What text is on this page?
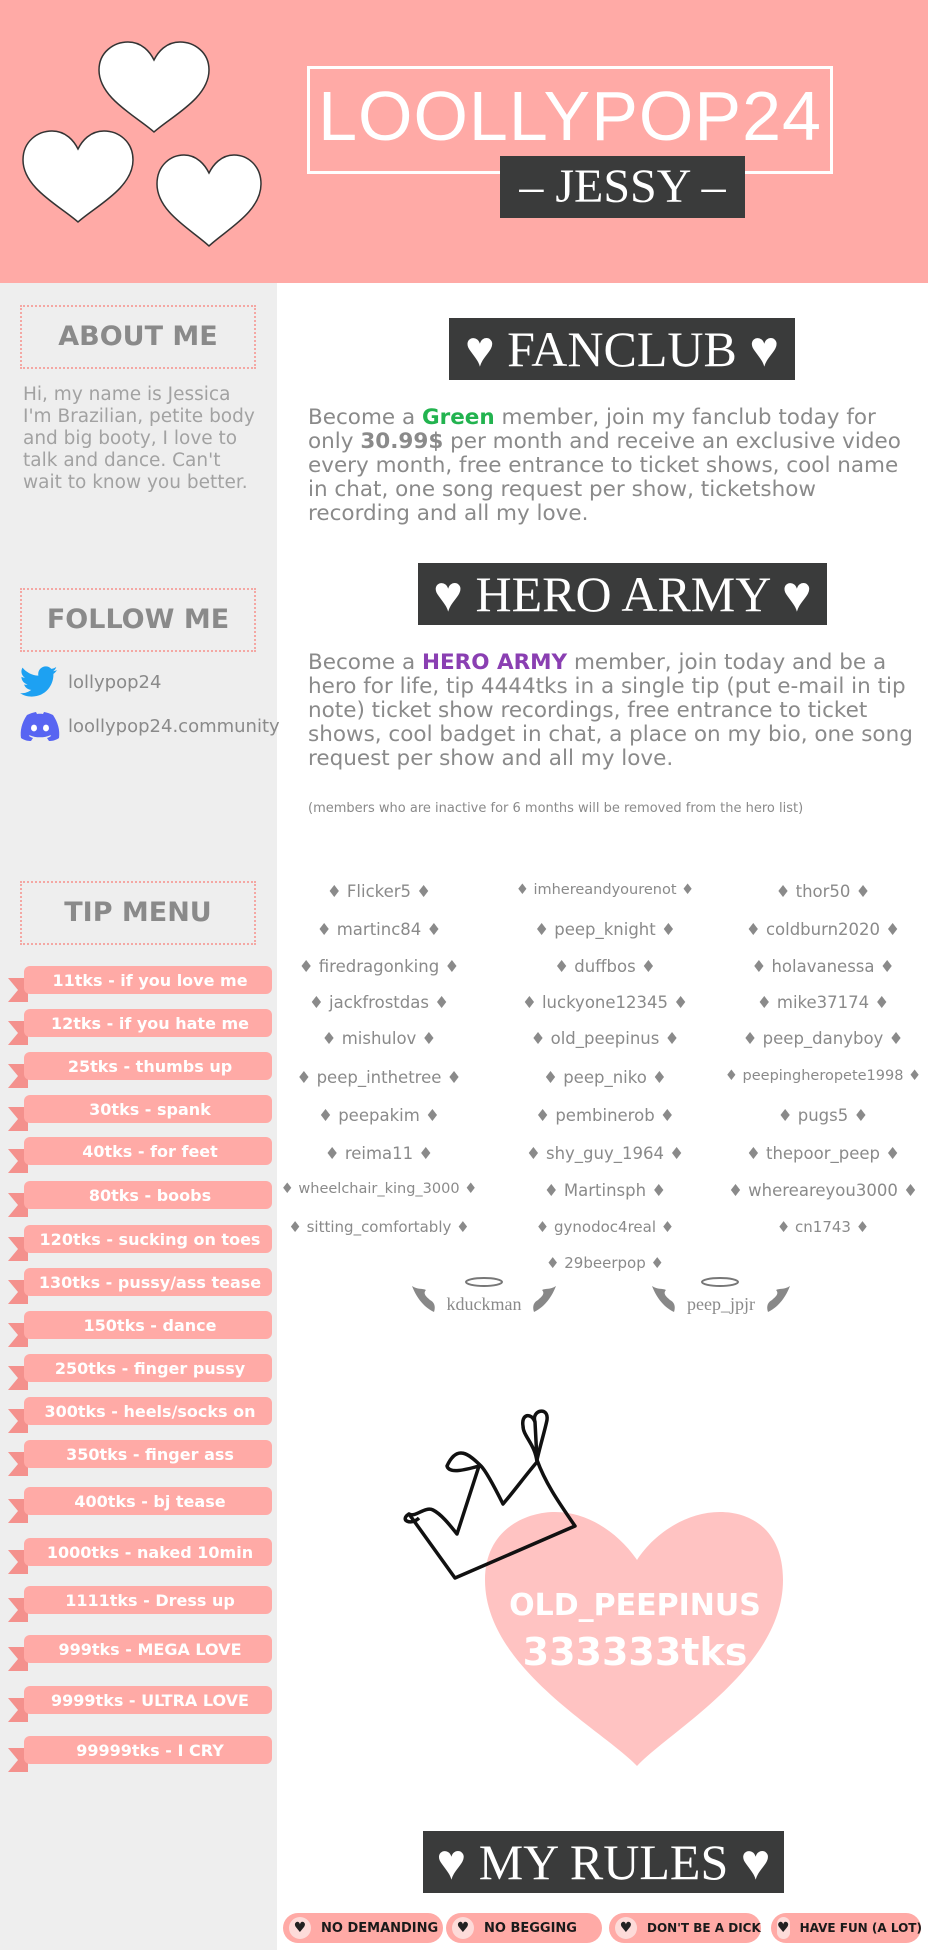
LOOLLYPOP24
– JESSY –
ABOUT ME
Hi, my name is Jessica I'm Brazilian, petite body and big booty, I love to talk and dance. Can't wait to know you better.
FOLLOW ME
lollypop24
loollypop24.community
TIP MENU
11tks - if you love me
12tks - if you hate me
25tks - thumbs up
30tks - spank
40tks - for feet
80tks - boobs
120tks - sucking on toes
130tks - pussy/ass tease
150tks - dance
250tks - finger pussy
300tks - heels/socks on
350tks - finger ass
400tks - bj tease
1000tks - naked 10min
1111tks - Dress up
999tks - MEGA LOVE
9999tks - ULTRA LOVE
99999tks - I CRY
♥ FANCLUB ♥
Become a Green member, join my fanclub today for only 30.99$ per month and receive an exclusive video every month, free entrance to ticket shows, cool name in chat, one song request per show, ticketshow recording and all my love.
♥ HERO ARMY ♥
Become a HERO ARMY member, join today and be a hero for life, tip 4444tks in a single tip (put e-mail in tip note) ticket show recordings, free entrance to ticket shows, cool badget in chat, a place on my bio, one song request per show and all my love.
(members who are inactive for 6 months will be removed from the hero list)
♦ Flicker5 ♦
♦ martinc84 ♦
♦ firedragonking ♦
♦ jackfrostdas ♦
♦ mishulov ♦
♦ peep_inthetree ♦
♦ peepakim ♦
♦ reima11 ♦
♦ wheelchair_king_3000 ♦
♦ sitting_comfortably ♦
♦ imhereandyourenot ♦
♦ peep_knight ♦
♦ duffbos ♦
♦ luckyone12345 ♦
♦ old_peepinus ♦
♦ peep_niko ♦
♦ pembinerob ♦
♦ shy_guy_1964 ♦
♦ Martinsph ♦
♦ gynodoc4real ♦
♦ 29beerpop ♦
♦ thor50 ♦
♦ coldburn2020 ♦
♦ holavanessa ♦
♦ mike37174 ♦
♦ peep_danyboy ♦
♦ peepingheropete1998 ♦
♦ pugs5 ♦
♦ thepoor_peep ♦
♦ whereareyou3000 ♦
♦ cn1743 ♦
kduckman	peep_jpjr
OLD_PEEPINUS
333333tks
♥ MY RULES ♥
♥	NO DEMANDING	♥	NO BEGGING	♥	DON'T BE A DICK ♥ HAVE FUN (A LOT)
